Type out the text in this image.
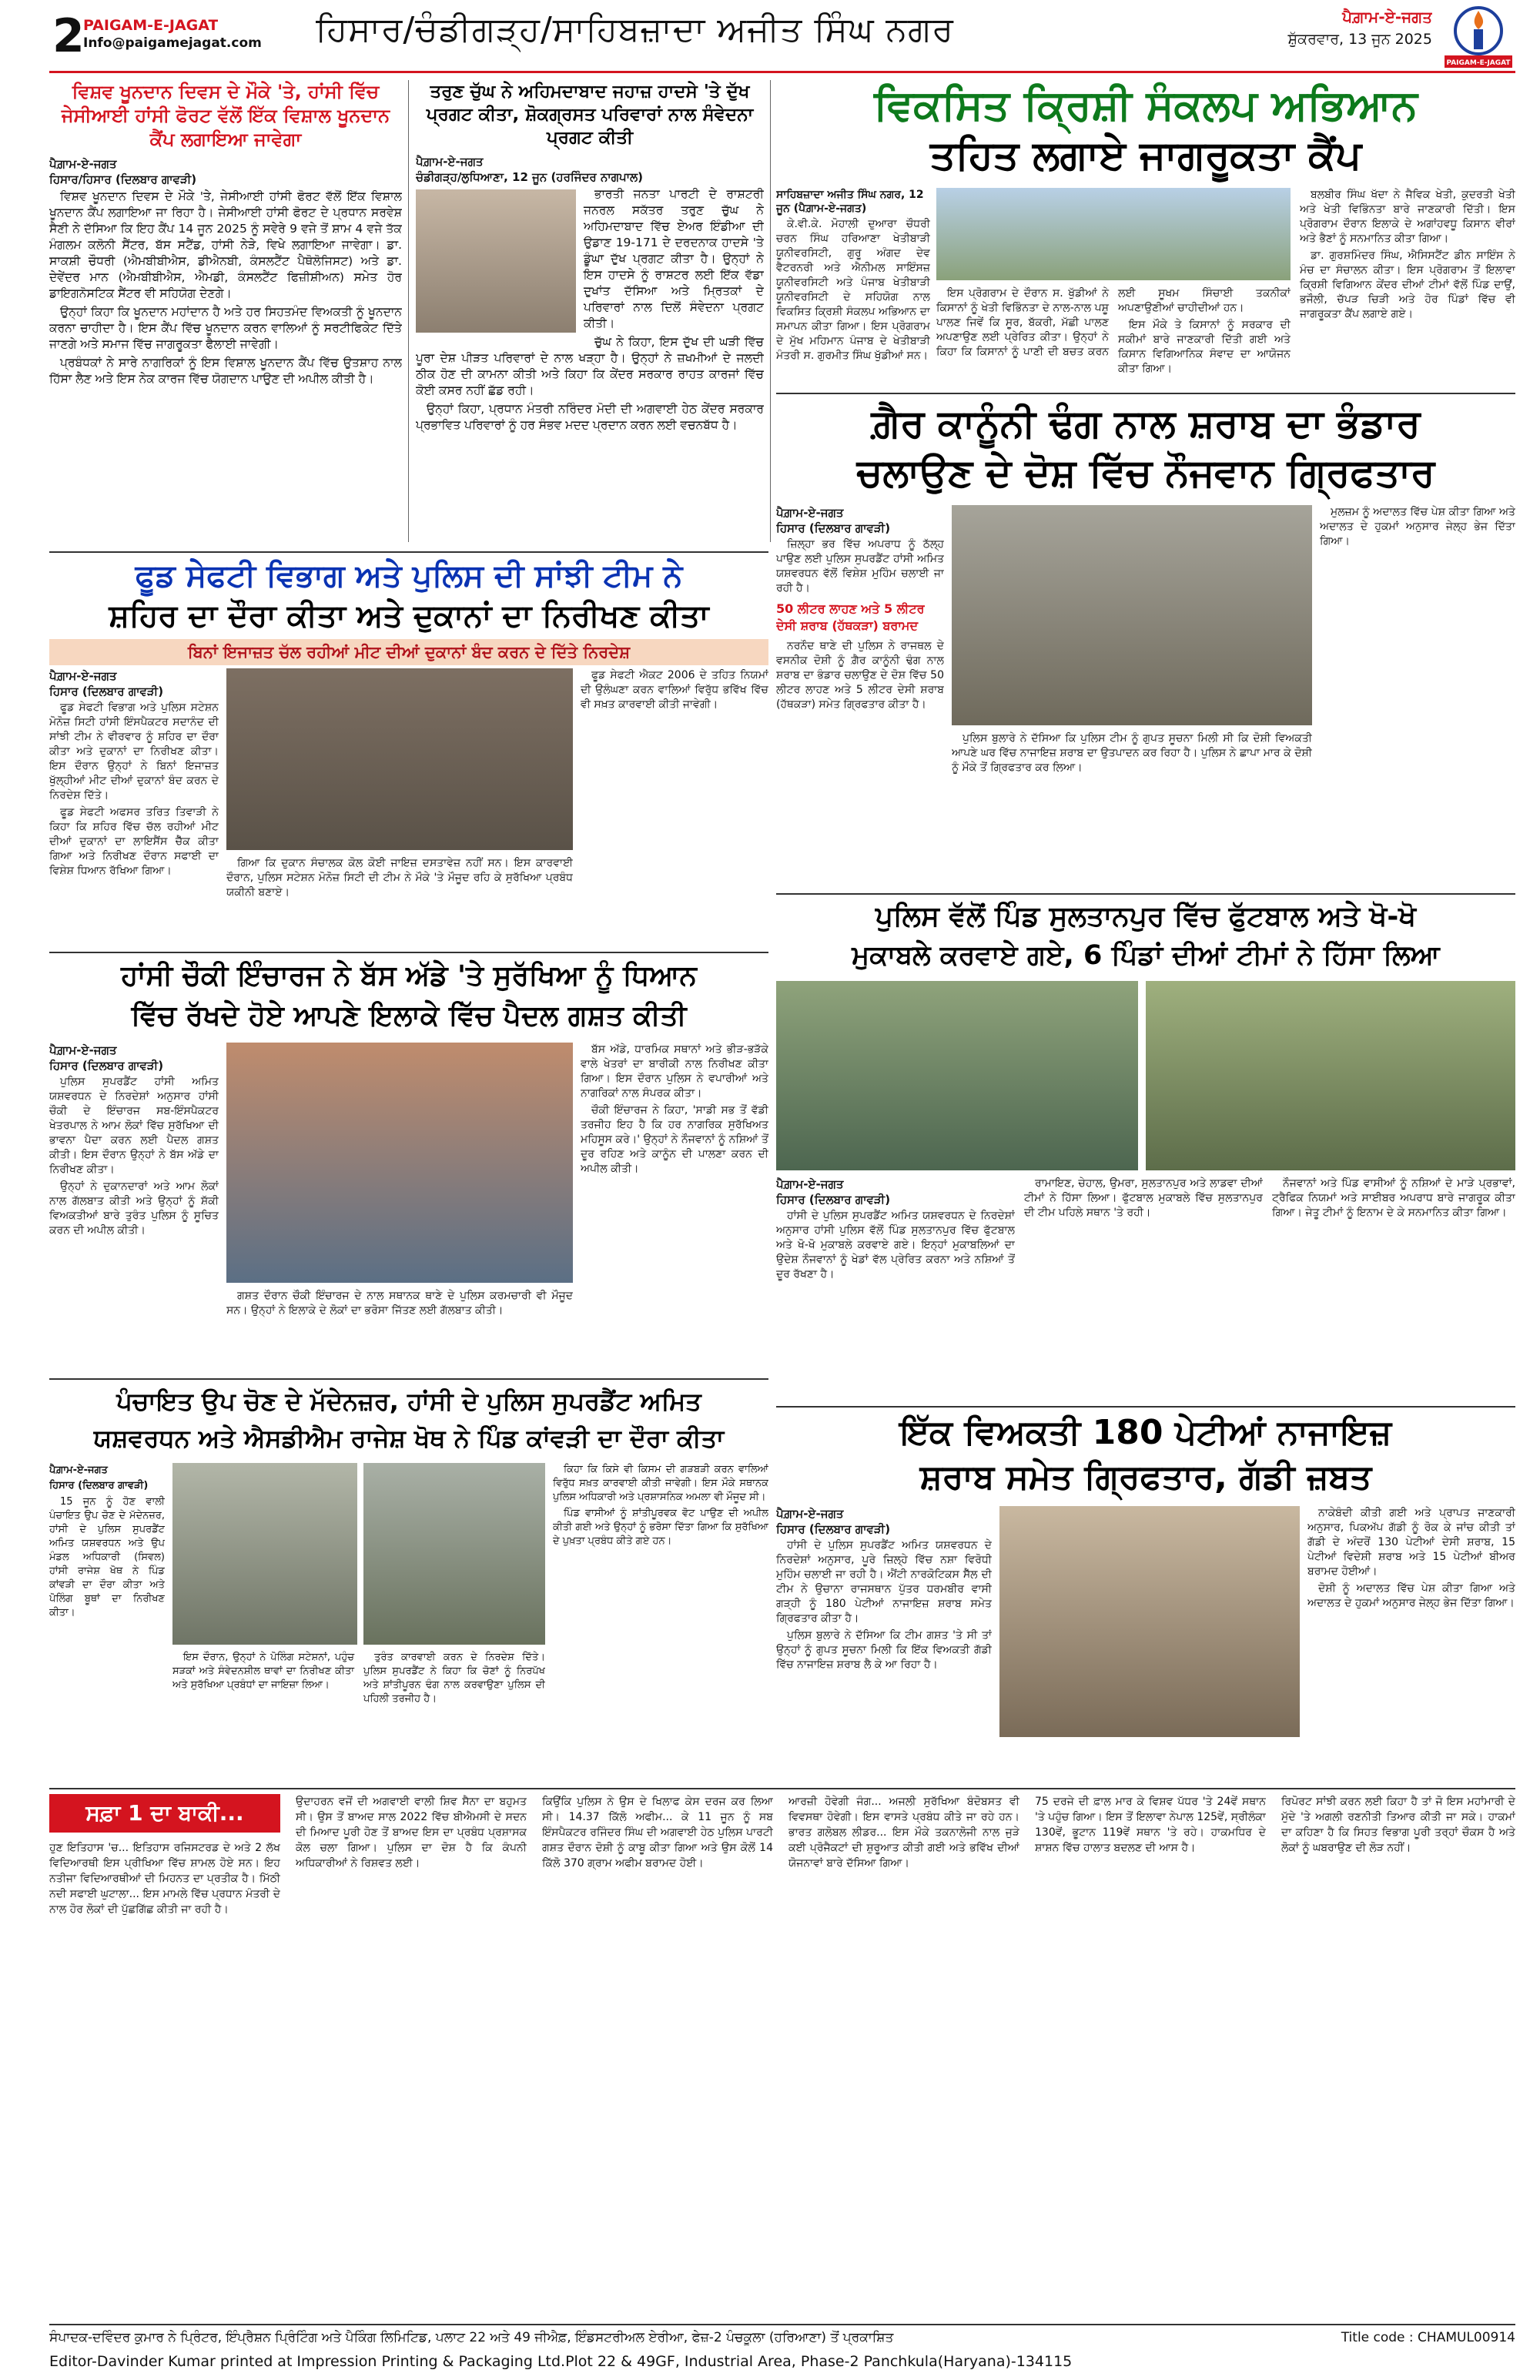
2
PAIGAM-E-JAGAT
Info@paigamejagat.com ਹਿਸਾਰ/ਚੰਡੀਗੜ੍ਹ/ਸਾਹਿਬਜ਼ਾਦਾ ਅਜੀਤ ਸਿੰਘ ਨਗਰ	ਪੈਗ਼ਾਮ-ਏ-ਜਗਤ
ਸ਼ੁੱਕਰਵਾਰ, 13 ਜੂਨ 2025
PAIGAM-E-JAGAT
ਵਿਸ਼ਵ ਖੂਨਦਾਨ ਦਿਵਸ ਦੇ ਮੌਕੇ 'ਤੇ, ਹਾਂਸੀ ਵਿੱਚ ਜੇਸੀਆਈ ਹਾਂਸੀ ਫੋਰਟ ਵੱਲੋਂ ਇੱਕ ਵਿਸ਼ਾਲ ਖੂਨਦਾਨ ਕੈਂਪ ਲਗਾਇਆ ਜਾਵੇਗਾ
ਪੈਗ਼ਾਮ-ਏ-ਜਗਤ
ਹਿਸਾਰ/ਹਿਸਾਰ (ਦਿਲਬਾਰ ਗਾਵੜੀ)

ਵਿਸ਼ਵ ਖੂਨਦਾਨ ਦਿਵਸ ਦੇ ਮੌਕੇ 'ਤੇ, ਜੇਸੀਆਈ ਹਾਂਸੀ ਫੋਰਟ ਵੱਲੋਂ ਇੱਕ ਵਿਸ਼ਾਲ ਖੂਨਦਾਨ ਕੈਂਪ ਲਗਾਇਆ ਜਾ ਰਿਹਾ ਹੈ। ਜੇਸੀਆਈ ਹਾਂਸੀ ਫੋਰਟ ਦੇ ਪ੍ਰਧਾਨ ਸਰਵੇਸ਼ ਸੈਣੀ ਨੇ ਦੱਸਿਆ ਕਿ ਇਹ ਕੈਂਪ 14 ਜੂਨ 2025 ਨੂੰ ਸਵੇਰੇ 9 ਵਜੇ ਤੋਂ ਸ਼ਾਮ 4 ਵਜੇ ਤੱਕ ਮੰਗਲਮ ਕਲੋਨੀ ਸੈਂਟਰ, ਬੱਸ ਸਟੈਂਡ, ਹਾਂਸੀ ਨੇੜੇ, ਵਿਖੇ ਲਗਾਇਆ ਜਾਵੇਗਾ। ਡਾ. ਸਾਕਸ਼ੀ ਚੌਧਰੀ (ਐਮਬੀਬੀਐਸ, ਡੀਐਨਬੀ, ਕੰਸਲਟੈਂਟ ਪੈਥੋਲੋਜਿਸਟ) ਅਤੇ ਡਾ. ਦੇਵੇਂਦਰ ਮਾਨ (ਐਮਬੀਬੀਐਸ, ਐਮਡੀ, ਕੰਸਲਟੈਂਟ ਫਿਜ਼ੀਸ਼ੀਅਨ) ਸਮੇਤ ਹੋਰ ਡਾਇਗਨੋਸਟਿਕ ਸੈਂਟਰ ਵੀ ਸਹਿਯੋਗ ਦੇਣਗੇ।

ਉਨ੍ਹਾਂ ਕਿਹਾ ਕਿ ਖੂਨਦਾਨ ਮਹਾਂਦਾਨ ਹੈ ਅਤੇ ਹਰ ਸਿਹਤਮੰਦ ਵਿਅਕਤੀ ਨੂੰ ਖੂਨਦਾਨ ਕਰਨਾ ਚਾਹੀਦਾ ਹੈ। ਇਸ ਕੈਂਪ ਵਿੱਚ ਖੂਨਦਾਨ ਕਰਨ ਵਾਲਿਆਂ ਨੂੰ ਸਰਟੀਫਿਕੇਟ ਦਿੱਤੇ ਜਾਣਗੇ ਅਤੇ ਸਮਾਜ ਵਿੱਚ ਜਾਗਰੂਕਤਾ ਫੈਲਾਈ ਜਾਵੇਗੀ।

ਪ੍ਰਬੰਧਕਾਂ ਨੇ ਸਾਰੇ ਨਾਗਰਿਕਾਂ ਨੂੰ ਇਸ ਵਿਸ਼ਾਲ ਖੂਨਦਾਨ ਕੈਂਪ ਵਿੱਚ ਉਤਸ਼ਾਹ ਨਾਲ ਹਿੱਸਾ ਲੈਣ ਅਤੇ ਇਸ ਨੇਕ ਕਾਰਜ ਵਿੱਚ ਯੋਗਦਾਨ ਪਾਉਣ ਦੀ ਅਪੀਲ ਕੀਤੀ ਹੈ।

ਤਰੁਣ ਚੁੱਘ ਨੇ ਅਹਿਮਦਾਬਾਦ ਜਹਾਜ਼ ਹਾਦਸੇ 'ਤੇ ਦੁੱਖ ਪ੍ਰਗਟ ਕੀਤਾ, ਸ਼ੋਕਗ੍ਰਸਤ ਪਰਿਵਾਰਾਂ ਨਾਲ ਸੰਵੇਦਨਾ ਪ੍ਰਗਟ ਕੀਤੀ
ਪੈਗ਼ਾਮ-ਏ-ਜਗਤ
ਚੰਡੀਗੜ੍ਹ/ਲੁਧਿਆਣਾ, 12 ਜੂਨ (ਹਰਜਿੰਦਰ ਨਾਗਪਾਲ)

ਭਾਰਤੀ ਜਨਤਾ ਪਾਰਟੀ ਦੇ ਰਾਸ਼ਟਰੀ ਜਨਰਲ ਸਕੱਤਰ ਤਰੁਣ ਚੁੱਘ ਨੇ ਅਹਿਮਦਾਬਾਦ ਵਿੱਚ ਏਅਰ ਇੰਡੀਆ ਦੀ ਉਡਾਣ 19-171 ਦੇ ਦਰਦਨਾਕ ਹਾਦਸੇ 'ਤੇ ਡੂੰਘਾ ਦੁੱਖ ਪ੍ਰਗਟ ਕੀਤਾ ਹੈ। ਉਨ੍ਹਾਂ ਨੇ ਇਸ ਹਾਦਸੇ ਨੂੰ ਰਾਸ਼ਟਰ ਲਈ ਇੱਕ ਵੱਡਾ ਦੁਖਾਂਤ ਦੱਸਿਆ ਅਤੇ ਮ੍ਰਿਤਕਾਂ ਦੇ ਪਰਿਵਾਰਾਂ ਨਾਲ ਦਿਲੋਂ ਸੰਵੇਦਨਾ ਪ੍ਰਗਟ ਕੀਤੀ।

ਚੁੱਘ ਨੇ ਕਿਹਾ, ਇਸ ਦੁੱਖ ਦੀ ਘੜੀ ਵਿੱਚ ਪੂਰਾ ਦੇਸ਼ ਪੀੜਤ ਪਰਿਵਾਰਾਂ ਦੇ ਨਾਲ ਖੜ੍ਹਾ ਹੈ। ਉਨ੍ਹਾਂ ਨੇ ਜ਼ਖਮੀਆਂ ਦੇ ਜਲਦੀ ਠੀਕ ਹੋਣ ਦੀ ਕਾਮਨਾ ਕੀਤੀ ਅਤੇ ਕਿਹਾ ਕਿ ਕੇਂਦਰ ਸਰਕਾਰ ਰਾਹਤ ਕਾਰਜਾਂ ਵਿੱਚ ਕੋਈ ਕਸਰ ਨਹੀਂ ਛੱਡ ਰਹੀ।

ਉਨ੍ਹਾਂ ਕਿਹਾ, ਪ੍ਰਧਾਨ ਮੰਤਰੀ ਨਰਿੰਦਰ ਮੋਦੀ ਦੀ ਅਗਵਾਈ ਹੇਠ ਕੇਂਦਰ ਸਰਕਾਰ ਪ੍ਰਭਾਵਿਤ ਪਰਿਵਾਰਾਂ ਨੂੰ ਹਰ ਸੰਭਵ ਮਦਦ ਪ੍ਰਦਾਨ ਕਰਨ ਲਈ ਵਚਨਬੱਧ ਹੈ।

ਵਿਕਸਿਤ ਕ੍ਰਿਸ਼ੀ ਸੰਕਲਪ ਅਭਿਆਨ
ਤਹਿਤ ਲਗਾਏ ਜਾਗਰੂਕਤਾ ਕੈਂਪ
ਸਾਹਿਬਜ਼ਾਦਾ ਅਜੀਤ ਸਿੰਘ ਨਗਰ, 12 ਜੂਨ (ਪੈਗ਼ਾਮ-ਏ-ਜਗਤ)

ਕੇ.ਵੀ.ਕੇ. ਮੋਹਾਲੀ ਦੁਆਰਾ ਚੌਧਰੀ ਚਰਨ ਸਿੰਘ ਹਰਿਆਣਾ ਖੇਤੀਬਾੜੀ ਯੂਨੀਵਰਸਿਟੀ, ਗੁਰੂ ਅੰਗਦ ਦੇਵ ਵੈਟਰਨਰੀ ਅਤੇ ਐਨੀਮਲ ਸਾਇੰਸਜ਼ ਯੂਨੀਵਰਸਿਟੀ ਅਤੇ ਪੰਜਾਬ ਖੇਤੀਬਾੜੀ ਯੂਨੀਵਰਸਿਟੀ ਦੇ ਸਹਿਯੋਗ ਨਾਲ ਵਿਕਸਿਤ ਕ੍ਰਿਸ਼ੀ ਸੰਕਲਪ ਅਭਿਆਨ ਦਾ ਸਮਾਪਨ ਕੀਤਾ ਗਿਆ। ਇਸ ਪ੍ਰੋਗਰਾਮ ਦੇ ਮੁੱਖ ਮਹਿਮਾਨ ਪੰਜਾਬ ਦੇ ਖੇਤੀਬਾੜੀ ਮੰਤਰੀ ਸ. ਗੁਰਮੀਤ ਸਿੰਘ ਖੁੱਡੀਆਂ ਸਨ।

ਇਸ ਪ੍ਰੋਗਰਾਮ ਦੇ ਦੌਰਾਨ ਸ. ਖੁੱਡੀਆਂ ਨੇ ਕਿਸਾਨਾਂ ਨੂੰ ਖੇਤੀ ਵਿਭਿੰਨਤਾ ਦੇ ਨਾਲ-ਨਾਲ ਪਸ਼ੂ ਪਾਲਣ ਜਿਵੇਂ ਕਿ ਸੂਰ, ਬੱਕਰੀ, ਮੱਛੀ ਪਾਲਣ ਅਪਣਾਉਣ ਲਈ ਪ੍ਰੇਰਿਤ ਕੀਤਾ। ਉਨ੍ਹਾਂ ਨੇ ਕਿਹਾ ਕਿ ਕਿਸਾਨਾਂ ਨੂੰ ਪਾਣੀ ਦੀ ਬਚਤ ਕਰਨ ਲਈ ਸੂਖਮ ਸਿੰਚਾਈ ਤਕਨੀਕਾਂ ਅਪਣਾਉਣੀਆਂ ਚਾਹੀਦੀਆਂ ਹਨ।

ਇਸ ਮੌਕੇ ਤੇ ਕਿਸਾਨਾਂ ਨੂੰ ਸਰਕਾਰ ਦੀ ਸਕੀਮਾਂ ਬਾਰੇ ਜਾਣਕਾਰੀ ਦਿੱਤੀ ਗਈ ਅਤੇ ਕਿਸਾਨ ਵਿਗਿਆਨਿਕ ਸੰਵਾਦ ਦਾ ਆਯੋਜਨ ਕੀਤਾ ਗਿਆ।

ਬਲਬੀਰ ਸਿੰਘ ਖੱਦਾ ਨੇ ਜੈਵਿਕ ਖੇਤੀ, ਕੁਦਰਤੀ ਖੇਤੀ ਅਤੇ ਖੇਤੀ ਵਿਭਿੰਨਤਾ ਬਾਰੇ ਜਾਣਕਾਰੀ ਦਿੱਤੀ। ਇਸ ਪ੍ਰੋਗਰਾਮ ਦੌਰਾਨ ਇਲਾਕੇ ਦੇ ਅਗਾਂਹਵਧੂ ਕਿਸਾਨ ਵੀਰਾਂ ਅਤੇ ਭੈਣਾਂ ਨੂੰ ਸਨਮਾਨਿਤ ਕੀਤਾ ਗਿਆ।

ਡਾ. ਗੁਰਸ਼ਮਿੰਦਰ ਸਿੰਘ, ਐਸਿਸਟੈਂਟ ਡੀਨ ਸਾਇੰਸ ਨੇ ਮੰਚ ਦਾ ਸੰਚਾਲਨ ਕੀਤਾ। ਇਸ ਪ੍ਰੋਗਰਾਮ ਤੋਂ ਇਲਾਵਾ ਕ੍ਰਿਸ਼ੀ ਵਿਗਿਆਨ ਕੇਂਦਰ ਦੀਆਂ ਟੀਮਾਂ ਵੱਲੋਂ ਪਿੰਡ ਦਾਉਂ, ਭਜੌਲੀ, ਚੱਪੜ ਚਿੜੀ ਅਤੇ ਹੋਰ ਪਿੰਡਾਂ ਵਿੱਚ ਵੀ ਜਾਗਰੂਕਤਾ ਕੈਂਪ ਲਗਾਏ ਗਏ।

ਫੂਡ ਸੇਫਟੀ ਵਿਭਾਗ ਅਤੇ ਪੁਲਿਸ ਦੀ ਸਾਂਝੀ ਟੀਮ ਨੇ
ਸ਼ਹਿਰ ਦਾ ਦੌਰਾ ਕੀਤਾ ਅਤੇ ਦੁਕਾਨਾਂ ਦਾ ਨਿਰੀਖਣ ਕੀਤਾ
ਬਿਨਾਂ ਇਜਾਜ਼ਤ ਚੱਲ ਰਹੀਆਂ ਮੀਟ ਦੀਆਂ ਦੁਕਾਨਾਂ ਬੰਦ ਕਰਨ ਦੇ ਦਿੱਤੇ ਨਿਰਦੇਸ਼
ਪੈਗ਼ਾਮ-ਏ-ਜਗਤ
ਹਿਸਾਰ (ਦਿਲਬਾਰ ਗਾਵੜੀ)

ਫੂਡ ਸੇਫਟੀ ਵਿਭਾਗ ਅਤੇ ਪੁਲਿਸ ਸਟੇਸ਼ਨ ਮੋਨੋਜ਼ ਸਿਟੀ ਹਾਂਸੀ ਇੰਸਪੈਕਟਰ ਸਦਾਨੰਦ ਦੀ ਸਾਂਝੀ ਟੀਮ ਨੇ ਵੀਰਵਾਰ ਨੂੰ ਸ਼ਹਿਰ ਦਾ ਦੌਰਾ ਕੀਤਾ ਅਤੇ ਦੁਕਾਨਾਂ ਦਾ ਨਿਰੀਖਣ ਕੀਤਾ। ਇਸ ਦੌਰਾਨ ਉਨ੍ਹਾਂ ਨੇ ਬਿਨਾਂ ਇਜਾਜ਼ਤ ਖੁੱਲ੍ਹੀਆਂ ਮੀਟ ਦੀਆਂ ਦੁਕਾਨਾਂ ਬੰਦ ਕਰਨ ਦੇ ਨਿਰਦੇਸ਼ ਦਿੱਤੇ।

ਫੂਡ ਸੇਫਟੀ ਅਫਸਰ ਤਰਿਤ ਤਿਵਾੜੀ ਨੇ ਕਿਹਾ ਕਿ ਸ਼ਹਿਰ ਵਿੱਚ ਚੱਲ ਰਹੀਆਂ ਮੀਟ ਦੀਆਂ ਦੁਕਾਨਾਂ ਦਾ ਲਾਇਸੈਂਸ ਚੈੱਕ ਕੀਤਾ ਗਿਆ ਅਤੇ ਨਿਰੀਖਣ ਦੌਰਾਨ ਸਫਾਈ ਦਾ ਵਿਸ਼ੇਸ਼ ਧਿਆਨ ਰੱਖਿਆ ਗਿਆ।

ਗਿਆ ਕਿ ਦੁਕਾਨ ਸੰਚਾਲਕ ਕੋਲ ਕੋਈ ਜਾਇਜ਼ ਦਸਤਾਵੇਜ਼ ਨਹੀਂ ਸਨ। ਇਸ ਕਾਰਵਾਈ ਦੌਰਾਨ, ਪੁਲਿਸ ਸਟੇਸ਼ਨ ਮੋਨੋਜ਼ ਸਿਟੀ ਦੀ ਟੀਮ ਨੇ ਮੌਕੇ 'ਤੇ ਮੌਜੂਦ ਰਹਿ ਕੇ ਸੁਰੱਖਿਆ ਪ੍ਰਬੰਧ ਯਕੀਨੀ ਬਣਾਏ।

ਫੂਡ ਸੇਫਟੀ ਐਕਟ 2006 ਦੇ ਤਹਿਤ ਨਿਯਮਾਂ ਦੀ ਉਲੰਘਣਾ ਕਰਨ ਵਾਲਿਆਂ ਵਿਰੁੱਧ ਭਵਿੱਖ ਵਿੱਚ ਵੀ ਸਖ਼ਤ ਕਾਰਵਾਈ ਕੀਤੀ ਜਾਵੇਗੀ।

ਗ਼ੈਰ ਕਾਨੂੰਨੀ ਢੰਗ ਨਾਲ ਸ਼ਰਾਬ ਦਾ ਭੰਡਾਰ
ਚਲਾਉਣ ਦੇ ਦੋਸ਼ ਵਿੱਚ ਨੌਜਵਾਨ ਗ੍ਰਿਫਤਾਰ
ਪੈਗ਼ਾਮ-ਏ-ਜਗਤ
ਹਿਸਾਰ (ਦਿਲਬਾਰ ਗਾਵੜੀ)

ਜ਼ਿਲ੍ਹਾ ਭਰ ਵਿੱਚ ਅਪਰਾਧ ਨੂੰ ਠੱਲ੍ਹ ਪਾਉਣ ਲਈ ਪੁਲਿਸ ਸੁਪਰਡੈਂਟ ਹਾਂਸੀ ਅਮਿਤ ਯਸ਼ਵਰਧਨ ਵੱਲੋਂ ਵਿਸ਼ੇਸ਼ ਮੁਹਿੰਮ ਚਲਾਈ ਜਾ ਰਹੀ ਹੈ।

50 ਲੀਟਰ ਲਾਹਣ ਅਤੇ 5 ਲੀਟਰ ਦੇਸੀ ਸ਼ਰਾਬ (ਹੱਥਕੜਾ) ਬਰਾਮਦ

ਨਰਨੌਦ ਥਾਣੇ ਦੀ ਪੁਲਿਸ ਨੇ ਰਾਜਥਲ ਦੇ ਵਸਨੀਕ ਦੋਸ਼ੀ ਨੂੰ ਗ਼ੈਰ ਕਾਨੂੰਨੀ ਢੰਗ ਨਾਲ ਸ਼ਰਾਬ ਦਾ ਭੰਡਾਰ ਚਲਾਉਣ ਦੇ ਦੋਸ਼ ਵਿੱਚ 50 ਲੀਟਰ ਲਾਹਣ ਅਤੇ 5 ਲੀਟਰ ਦੇਸੀ ਸ਼ਰਾਬ (ਹੱਥਕੜਾ) ਸਮੇਤ ਗ੍ਰਿਫਤਾਰ ਕੀਤਾ ਹੈ।

ਪੁਲਿਸ ਬੁਲਾਰੇ ਨੇ ਦੱਸਿਆ ਕਿ ਪੁਲਿਸ ਟੀਮ ਨੂੰ ਗੁਪਤ ਸੂਚਨਾ ਮਿਲੀ ਸੀ ਕਿ ਦੋਸ਼ੀ ਵਿਅਕਤੀ ਆਪਣੇ ਘਰ ਵਿੱਚ ਨਾਜਾਇਜ਼ ਸ਼ਰਾਬ ਦਾ ਉਤਪਾਦਨ ਕਰ ਰਿਹਾ ਹੈ। ਪੁਲਿਸ ਨੇ ਛਾਪਾ ਮਾਰ ਕੇ ਦੋਸ਼ੀ ਨੂੰ ਮੌਕੇ ਤੋਂ ਗ੍ਰਿਫਤਾਰ ਕਰ ਲਿਆ।

ਮੁਲਜ਼ਮ ਨੂੰ ਅਦਾਲਤ ਵਿੱਚ ਪੇਸ਼ ਕੀਤਾ ਗਿਆ ਅਤੇ ਅਦਾਲਤ ਦੇ ਹੁਕਮਾਂ ਅਨੁਸਾਰ ਜੇਲ੍ਹ ਭੇਜ ਦਿੱਤਾ ਗਿਆ।

ਹਾਂਸੀ ਚੌਕੀ ਇੰਚਾਰਜ ਨੇ ਬੱਸ ਅੱਡੇ 'ਤੇ ਸੁਰੱਖਿਆ ਨੂੰ ਧਿਆਨ
ਵਿੱਚ ਰੱਖਦੇ ਹੋਏ ਆਪਣੇ ਇਲਾਕੇ ਵਿੱਚ ਪੈਦਲ ਗਸ਼ਤ ਕੀਤੀ
ਪੈਗ਼ਾਮ-ਏ-ਜਗਤ
ਹਿਸਾਰ (ਦਿਲਬਾਰ ਗਾਵੜੀ)

ਪੁਲਿਸ ਸੁਪਰਡੈਂਟ ਹਾਂਸੀ ਅਮਿਤ ਯਸ਼ਵਰਧਨ ਦੇ ਨਿਰਦੇਸ਼ਾਂ ਅਨੁਸਾਰ ਹਾਂਸੀ ਚੌਕੀ ਦੇ ਇੰਚਾਰਜ ਸਬ-ਇੰਸਪੈਕਟਰ ਖੇਤਰਪਾਲ ਨੇ ਆਮ ਲੋਕਾਂ ਵਿੱਚ ਸੁਰੱਖਿਆ ਦੀ ਭਾਵਨਾ ਪੈਦਾ ਕਰਨ ਲਈ ਪੈਦਲ ਗਸ਼ਤ ਕੀਤੀ। ਇਸ ਦੌਰਾਨ ਉਨ੍ਹਾਂ ਨੇ ਬੱਸ ਅੱਡੇ ਦਾ ਨਿਰੀਖਣ ਕੀਤਾ।

ਉਨ੍ਹਾਂ ਨੇ ਦੁਕਾਨਦਾਰਾਂ ਅਤੇ ਆਮ ਲੋਕਾਂ ਨਾਲ ਗੱਲਬਾਤ ਕੀਤੀ ਅਤੇ ਉਨ੍ਹਾਂ ਨੂੰ ਸ਼ੱਕੀ ਵਿਅਕਤੀਆਂ ਬਾਰੇ ਤੁਰੰਤ ਪੁਲਿਸ ਨੂੰ ਸੂਚਿਤ ਕਰਨ ਦੀ ਅਪੀਲ ਕੀਤੀ।

ਗਸ਼ਤ ਦੌਰਾਨ ਚੌਕੀ ਇੰਚਾਰਜ ਦੇ ਨਾਲ ਸਥਾਨਕ ਥਾਣੇ ਦੇ ਪੁਲਿਸ ਕਰਮਚਾਰੀ ਵੀ ਮੌਜੂਦ ਸਨ। ਉਨ੍ਹਾਂ ਨੇ ਇਲਾਕੇ ਦੇ ਲੋਕਾਂ ਦਾ ਭਰੋਸਾ ਜਿੱਤਣ ਲਈ ਗੱਲਬਾਤ ਕੀਤੀ।

ਬੱਸ ਅੱਡੇ, ਧਾਰਮਿਕ ਸਥਾਨਾਂ ਅਤੇ ਭੀੜ-ਭੜੱਕੇ ਵਾਲੇ ਖੇਤਰਾਂ ਦਾ ਬਾਰੀਕੀ ਨਾਲ ਨਿਰੀਖਣ ਕੀਤਾ ਗਿਆ। ਇਸ ਦੌਰਾਨ ਪੁਲਿਸ ਨੇ ਵਪਾਰੀਆਂ ਅਤੇ ਨਾਗਰਿਕਾਂ ਨਾਲ ਸੰਪਰਕ ਕੀਤਾ।

ਚੌਕੀ ਇੰਚਾਰਜ ਨੇ ਕਿਹਾ, 'ਸਾਡੀ ਸਭ ਤੋਂ ਵੱਡੀ ਤਰਜੀਹ ਇਹ ਹੈ ਕਿ ਹਰ ਨਾਗਰਿਕ ਸੁਰੱਖਿਅਤ ਮਹਿਸੂਸ ਕਰੇ।' ਉਨ੍ਹਾਂ ਨੇ ਨੌਜਵਾਨਾਂ ਨੂੰ ਨਸ਼ਿਆਂ ਤੋਂ ਦੂਰ ਰਹਿਣ ਅਤੇ ਕਾਨੂੰਨ ਦੀ ਪਾਲਣਾ ਕਰਨ ਦੀ ਅਪੀਲ ਕੀਤੀ।

ਪੁਲਿਸ ਵੱਲੋਂ ਪਿੰਡ ਸੁਲਤਾਨਪੁਰ ਵਿੱਚ ਫੁੱਟਬਾਲ ਅਤੇ ਖੋ-ਖੋ
ਮੁਕਾਬਲੇ ਕਰਵਾਏ ਗਏ, 6 ਪਿੰਡਾਂ ਦੀਆਂ ਟੀਮਾਂ ਨੇ ਹਿੱਸਾ ਲਿਆ
ਪੈਗ਼ਾਮ-ਏ-ਜਗਤ
ਹਿਸਾਰ (ਦਿਲਬਾਰ ਗਾਵੜੀ)

ਹਾਂਸੀ ਦੇ ਪੁਲਿਸ ਸੁਪਰਡੈਂਟ ਅਮਿਤ ਯਸ਼ਵਰਧਨ ਦੇ ਨਿਰਦੇਸ਼ਾਂ ਅਨੁਸਾਰ ਹਾਂਸੀ ਪੁਲਿਸ ਵੱਲੋਂ ਪਿੰਡ ਸੁਲਤਾਨਪੁਰ ਵਿੱਚ ਫੁੱਟਬਾਲ ਅਤੇ ਖੋ-ਖੋ ਮੁਕਾਬਲੇ ਕਰਵਾਏ ਗਏ। ਇਨ੍ਹਾਂ ਮੁਕਾਬਲਿਆਂ ਦਾ ਉਦੇਸ਼ ਨੌਜਵਾਨਾਂ ਨੂੰ ਖੇਡਾਂ ਵੱਲ ਪ੍ਰੇਰਿਤ ਕਰਨਾ ਅਤੇ ਨਸ਼ਿਆਂ ਤੋਂ ਦੂਰ ਰੱਖਣਾ ਹੈ।

ਰਾਮਾਇਣ, ਚੇਹਾਲ, ਉਮਰਾ, ਸੁਲਤਾਨਪੁਰ ਅਤੇ ਲਾਡਵਾ ਦੀਆਂ ਟੀਮਾਂ ਨੇ ਹਿੱਸਾ ਲਿਆ। ਫੁੱਟਬਾਲ ਮੁਕਾਬਲੇ ਵਿੱਚ ਸੁਲਤਾਨਪੁਰ ਦੀ ਟੀਮ ਪਹਿਲੇ ਸਥਾਨ 'ਤੇ ਰਹੀ।

ਨੌਜਵਾਨਾਂ ਅਤੇ ਪਿੰਡ ਵਾਸੀਆਂ ਨੂੰ ਨਸ਼ਿਆਂ ਦੇ ਮਾੜੇ ਪ੍ਰਭਾਵਾਂ, ਟ੍ਰੈਫਿਕ ਨਿਯਮਾਂ ਅਤੇ ਸਾਈਬਰ ਅਪਰਾਧ ਬਾਰੇ ਜਾਗਰੂਕ ਕੀਤਾ ਗਿਆ। ਜੇਤੂ ਟੀਮਾਂ ਨੂੰ ਇਨਾਮ ਦੇ ਕੇ ਸਨਮਾਨਿਤ ਕੀਤਾ ਗਿਆ।

ਪੰਚਾਇਤ ਉਪ ਚੋਣ ਦੇ ਮੱਦੇਨਜ਼ਰ, ਹਾਂਸੀ ਦੇ ਪੁਲਿਸ ਸੁਪਰਡੈਂਟ ਅਮਿਤ
ਯਸ਼ਵਰਧਨ ਅਤੇ ਐਸਡੀਐਮ ਰਾਜੇਸ਼ ਖੋਥ ਨੇ ਪਿੰਡ ਕਾਂਵੜੀ ਦਾ ਦੌਰਾ ਕੀਤਾ
ਪੈਗ਼ਾਮ-ਏ-ਜਗਤ
ਹਿਸਾਰ (ਦਿਲਬਾਰ ਗਾਵੜੀ)

15 ਜੂਨ ਨੂੰ ਹੋਣ ਵਾਲੀ ਪੰਚਾਇਤ ਉਪ ਚੋਣ ਦੇ ਮੱਦੇਨਜ਼ਰ, ਹਾਂਸੀ ਦੇ ਪੁਲਿਸ ਸੁਪਰਡੈਂਟ ਅਮਿਤ ਯਸ਼ਵਰਧਨ ਅਤੇ ਉਪ ਮੰਡਲ ਅਧਿਕਾਰੀ (ਸਿਵਲ) ਹਾਂਸੀ ਰਾਜੇਸ਼ ਖੋਥ ਨੇ ਪਿੰਡ ਕਾਂਵੜੀ ਦਾ ਦੌਰਾ ਕੀਤਾ ਅਤੇ ਪੋਲਿੰਗ ਬੂਥਾਂ ਦਾ ਨਿਰੀਖਣ ਕੀਤਾ।

ਇਸ ਦੌਰਾਨ, ਉਨ੍ਹਾਂ ਨੇ ਪੋਲਿੰਗ ਸਟੇਸ਼ਨਾਂ, ਪਹੁੰਚ ਸੜਕਾਂ ਅਤੇ ਸੰਵੇਦਨਸ਼ੀਲ ਥਾਵਾਂ ਦਾ ਨਿਰੀਖਣ ਕੀਤਾ ਅਤੇ ਸੁਰੱਖਿਆ ਪ੍ਰਬੰਧਾਂ ਦਾ ਜਾਇਜ਼ਾ ਲਿਆ।

ਤੁਰੰਤ ਕਾਰਵਾਈ ਕਰਨ ਦੇ ਨਿਰਦੇਸ਼ ਦਿੱਤੇ। ਪੁਲਿਸ ਸੁਪਰਡੈਂਟ ਨੇ ਕਿਹਾ ਕਿ ਚੋਣਾਂ ਨੂੰ ਨਿਰਪੱਖ ਅਤੇ ਸ਼ਾਂਤੀਪੂਰਨ ਢੰਗ ਨਾਲ ਕਰਵਾਉਣਾ ਪੁਲਿਸ ਦੀ ਪਹਿਲੀ ਤਰਜੀਹ ਹੈ।

ਕਿਹਾ ਕਿ ਕਿਸੇ ਵੀ ਕਿਸਮ ਦੀ ਗੜਬੜੀ ਕਰਨ ਵਾਲਿਆਂ ਵਿਰੁੱਧ ਸਖ਼ਤ ਕਾਰਵਾਈ ਕੀਤੀ ਜਾਵੇਗੀ। ਇਸ ਮੌਕੇ ਸਥਾਨਕ ਪੁਲਿਸ ਅਧਿਕਾਰੀ ਅਤੇ ਪ੍ਰਸ਼ਾਸਨਿਕ ਅਮਲਾ ਵੀ ਮੌਜੂਦ ਸੀ।

ਪਿੰਡ ਵਾਸੀਆਂ ਨੂੰ ਸ਼ਾਂਤੀਪੂਰਵਕ ਵੋਟ ਪਾਉਣ ਦੀ ਅਪੀਲ ਕੀਤੀ ਗਈ ਅਤੇ ਉਨ੍ਹਾਂ ਨੂੰ ਭਰੋਸਾ ਦਿੱਤਾ ਗਿਆ ਕਿ ਸੁਰੱਖਿਆ ਦੇ ਪੁਖ਼ਤਾ ਪ੍ਰਬੰਧ ਕੀਤੇ ਗਏ ਹਨ।

ਇੱਕ ਵਿਅਕਤੀ 180 ਪੇਟੀਆਂ ਨਾਜਾਇਜ਼
ਸ਼ਰਾਬ ਸਮੇਤ ਗ੍ਰਿਫਤਾਰ, ਗੱਡੀ ਜ਼ਬਤ
ਪੈਗ਼ਾਮ-ਏ-ਜਗਤ
ਹਿਸਾਰ (ਦਿਲਬਾਰ ਗਾਵੜੀ)

ਹਾਂਸੀ ਦੇ ਪੁਲਿਸ ਸੁਪਰਡੈਂਟ ਅਮਿਤ ਯਸ਼ਵਰਧਨ ਦੇ ਨਿਰਦੇਸ਼ਾਂ ਅਨੁਸਾਰ, ਪੂਰੇ ਜ਼ਿਲ੍ਹੇ ਵਿੱਚ ਨਸ਼ਾ ਵਿਰੋਧੀ ਮੁਹਿੰਮ ਚਲਾਈ ਜਾ ਰਹੀ ਹੈ। ਐਂਟੀ ਨਾਰਕੋਟਿਕਸ ਸੈੱਲ ਦੀ ਟੀਮ ਨੇ ਉਚਾਨਾ ਰਾਜਸਥਾਨ ਪੁੱਤਰ ਧਰਮਬੀਰ ਵਾਸੀ ਗੜ੍ਹੀ ਨੂੰ 180 ਪੇਟੀਆਂ ਨਾਜਾਇਜ਼ ਸ਼ਰਾਬ ਸਮੇਤ ਗ੍ਰਿਫਤਾਰ ਕੀਤਾ ਹੈ।

ਪੁਲਿਸ ਬੁਲਾਰੇ ਨੇ ਦੱਸਿਆ ਕਿ ਟੀਮ ਗਸ਼ਤ 'ਤੇ ਸੀ ਤਾਂ ਉਨ੍ਹਾਂ ਨੂੰ ਗੁਪਤ ਸੂਚਨਾ ਮਿਲੀ ਕਿ ਇੱਕ ਵਿਅਕਤੀ ਗੱਡੀ ਵਿੱਚ ਨਾਜਾਇਜ਼ ਸ਼ਰਾਬ ਲੈ ਕੇ ਆ ਰਿਹਾ ਹੈ।

ਨਾਕੇਬੰਦੀ ਕੀਤੀ ਗਈ ਅਤੇ ਪ੍ਰਾਪਤ ਜਾਣਕਾਰੀ ਅਨੁਸਾਰ, ਪਿਕਅੱਪ ਗੱਡੀ ਨੂੰ ਰੋਕ ਕੇ ਜਾਂਚ ਕੀਤੀ ਤਾਂ ਗੱਡੀ ਦੇ ਅੰਦਰੋਂ 130 ਪੇਟੀਆਂ ਦੇਸੀ ਸ਼ਰਾਬ, 15 ਪੇਟੀਆਂ ਵਿਦੇਸ਼ੀ ਸ਼ਰਾਬ ਅਤੇ 15 ਪੇਟੀਆਂ ਬੀਅਰ ਬਰਾਮਦ ਹੋਈਆਂ।

ਦੋਸ਼ੀ ਨੂੰ ਅਦਾਲਤ ਵਿੱਚ ਪੇਸ਼ ਕੀਤਾ ਗਿਆ ਅਤੇ ਅਦਾਲਤ ਦੇ ਹੁਕਮਾਂ ਅਨੁਸਾਰ ਜੇਲ੍ਹ ਭੇਜ ਦਿੱਤਾ ਗਿਆ।

ਸਫ਼ਾ 1 ਦਾ ਬਾਕੀ...
ਹੁਣ ਇਤਿਹਾਸ 'ਚ... ਇਤਿਹਾਸ ਰਜਿਸਟਰਡ ਦੇ ਅਤੇ 2 ਲੱਖ ਵਿਦਿਆਰਥੀ ਇਸ ਪ੍ਰੀਖਿਆ ਵਿੱਚ ਸ਼ਾਮਲ ਹੋਏ ਸਨ। ਇਹ ਨਤੀਜਾ ਵਿਦਿਆਰਥੀਆਂ ਦੀ ਮਿਹਨਤ ਦਾ ਪ੍ਰਤੀਕ ਹੈ। ਮਿੱਠੀ ਨਦੀ ਸਫਾਈ ਘੁਟਾਲਾ... ਇਸ ਮਾਮਲੇ ਵਿੱਚ ਪ੍ਰਧਾਨ ਮੰਤਰੀ ਦੇ ਨਾਲ ਹੋਰ ਲੋਕਾਂ ਦੀ ਪੁੱਛਗਿੱਛ ਕੀਤੀ ਜਾ ਰਹੀ ਹੈ।
ਉਦਾਹਰਨ ਵਜੋਂ ਦੀ ਅਗਵਾਈ ਵਾਲੀ ਸ਼ਿਵ ਸੈਨਾ ਦਾ ਬਹੁਮਤ ਸੀ। ਉਸ ਤੋਂ ਬਾਅਦ ਸਾਲ 2022 ਵਿੱਚ ਬੀਐਮਸੀ ਦੇ ਸਦਨ ਦੀ ਮਿਆਦ ਪੂਰੀ ਹੋਣ ਤੋਂ ਬਾਅਦ ਇਸ ਦਾ ਪ੍ਰਬੰਧ ਪ੍ਰਸ਼ਾਸਕ ਕੋਲ ਚਲਾ ਗਿਆ। ਪੁਲਿਸ ਦਾ ਦੋਸ਼ ਹੈ ਕਿ ਕੰਪਨੀ ਅਧਿਕਾਰੀਆਂ ਨੇ ਰਿਸ਼ਵਤ ਲਈ।
ਕਿਉਂਕਿ ਪੁਲਿਸ ਨੇ ਉਸ ਦੇ ਖਿਲਾਫ ਕੇਸ ਦਰਜ ਕਰ ਲਿਆ ਸੀ। 14.37 ਕਿੱਲੋ ਅਫੀਮ... ਕੇ 11 ਜੂਨ ਨੂੰ ਸਬ ਇੰਸਪੈਕਟਰ ਰਜਿੰਦਰ ਸਿੰਘ ਦੀ ਅਗਵਾਈ ਹੇਠ ਪੁਲਿਸ ਪਾਰਟੀ ਗਸ਼ਤ ਦੌਰਾਨ ਦੋਸ਼ੀ ਨੂੰ ਕਾਬੂ ਕੀਤਾ ਗਿਆ ਅਤੇ ਉਸ ਕੋਲੋਂ 14 ਕਿੱਲੋ 370 ਗ੍ਰਾਮ ਅਫੀਮ ਬਰਾਮਦ ਹੋਈ।
ਆਰਜ਼ੀ ਹੋਵੇਗੀ ਜੰਗ... ਅਜਲੀ ਸੁਰੱਖਿਆ ਬੰਦੋਬਸਤ ਵੀ ਵਿਵਸਥਾ ਹੋਵੇਗੀ। ਇਸ ਵਾਸਤੇ ਪ੍ਰਬੰਧ ਕੀਤੇ ਜਾ ਰਹੇ ਹਨ। ਭਾਰਤ ਗਲੋਬਲ ਲੀਡਰ... ਇਸ ਮੌਕੇ ਤਕਨਾਲੋਜੀ ਨਾਲ ਜੁੜੇ ਕਈ ਪ੍ਰੋਜੈਕਟਾਂ ਦੀ ਸ਼ੁਰੂਆਤ ਕੀਤੀ ਗਈ ਅਤੇ ਭਵਿੱਖ ਦੀਆਂ ਯੋਜਨਾਵਾਂ ਬਾਰੇ ਦੱਸਿਆ ਗਿਆ।
75 ਦਰਜੇ ਦੀ ਫ਼ਾਲ ਮਾਰ ਕੇ ਵਿਸ਼ਵ ਪੱਧਰ 'ਤੇ 24ਵੇਂ ਸਥਾਨ 'ਤੇ ਪਹੁੰਚ ਗਿਆ। ਇਸ ਤੋਂ ਇਲਾਵਾ ਨੇਪਾਲ 125ਵੇਂ, ਸ੍ਰੀਲੰਕਾ 130ਵੇਂ, ਭੂਟਾਨ 119ਵੇਂ ਸਥਾਨ 'ਤੇ ਰਹੇ। ਹਾਕਮਧਿਰ ਦੇ ਸ਼ਾਸ਼ਨ ਵਿੱਚ ਹਾਲਾਤ ਬਦਲਣ ਦੀ ਆਸ ਹੈ।
ਰਿਪੋਰਟ ਸਾਂਝੀ ਕਰਨ ਲਈ ਕਿਹਾ ਹੈ ਤਾਂ ਜੋ ਇਸ ਮਹਾਂਮਾਰੀ ਦੇ ਮੁੱਦੇ 'ਤੇ ਅਗਲੀ ਰਣਨੀਤੀ ਤਿਆਰ ਕੀਤੀ ਜਾ ਸਕੇ। ਹਾਕਮਾਂ ਦਾ ਕਹਿਣਾ ਹੈ ਕਿ ਸਿਹਤ ਵਿਭਾਗ ਪੂਰੀ ਤਰ੍ਹਾਂ ਚੌਕਸ ਹੈ ਅਤੇ ਲੋਕਾਂ ਨੂੰ ਘਬਰਾਉਣ ਦੀ ਲੋੜ ਨਹੀਂ।
ਸੰਪਾਦਕ-ਦਵਿੰਦਰ ਕੁਮਾਰ ਨੇ ਪ੍ਰਿੰਟਰ, ਇੰਪ੍ਰੈਸ਼ਨ ਪ੍ਰਿੰਟਿੰਗ ਅਤੇ ਪੈਕਿੰਗ ਲਿਮਿਟਿਡ, ਪਲਾਟ 22 ਅਤੇ 49 ਜੀਐਫ਼, ਇੰਡਸਟਰੀਅਲ ਏਰੀਆ, ਫੇਜ਼-2 ਪੰਚਕੂਲਾ (ਹਰਿਆਣਾ) ਤੋਂ ਪ੍ਰਕਾਸ਼ਿਤ	Title code : CHAMUL00914
Editor-Davinder Kumar printed at Impression Printing & Packaging Ltd.Plot 22 & 49GF, Industrial Area, Phase-2 Panchkula(Haryana)-134115
